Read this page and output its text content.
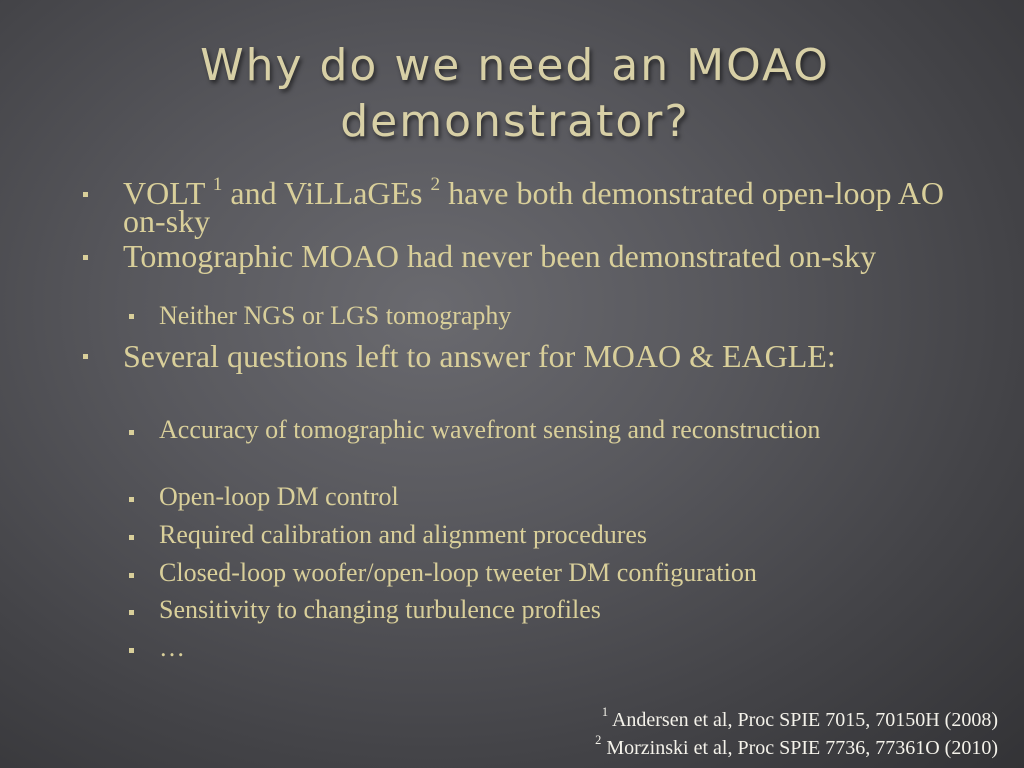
Why do we need an MOAO demonstrator?

VOLT $^1$ and ViLLaGEs $^2$ have both demonstrated open-loop AO on-sky

Tomographic MOAO had never been demonstrated on-sky

Neither NGS or LGS tomography

Several questions left to answer for MOAO & EAGLE:

Accuracy of tomographic wavefront sensing and reconstruction

Open-loop DM control

Required calibration and alignment procedures

Closed-loop woofer/open-loop tweeter DM configuration

Sensitivity to changing turbulence profiles

…

$^1$ Andersen et al, Proc SPIE 7015, 70150H (2008)
$^2$ Morzinski et al, Proc SPIE 7736, 77361O (2010)
